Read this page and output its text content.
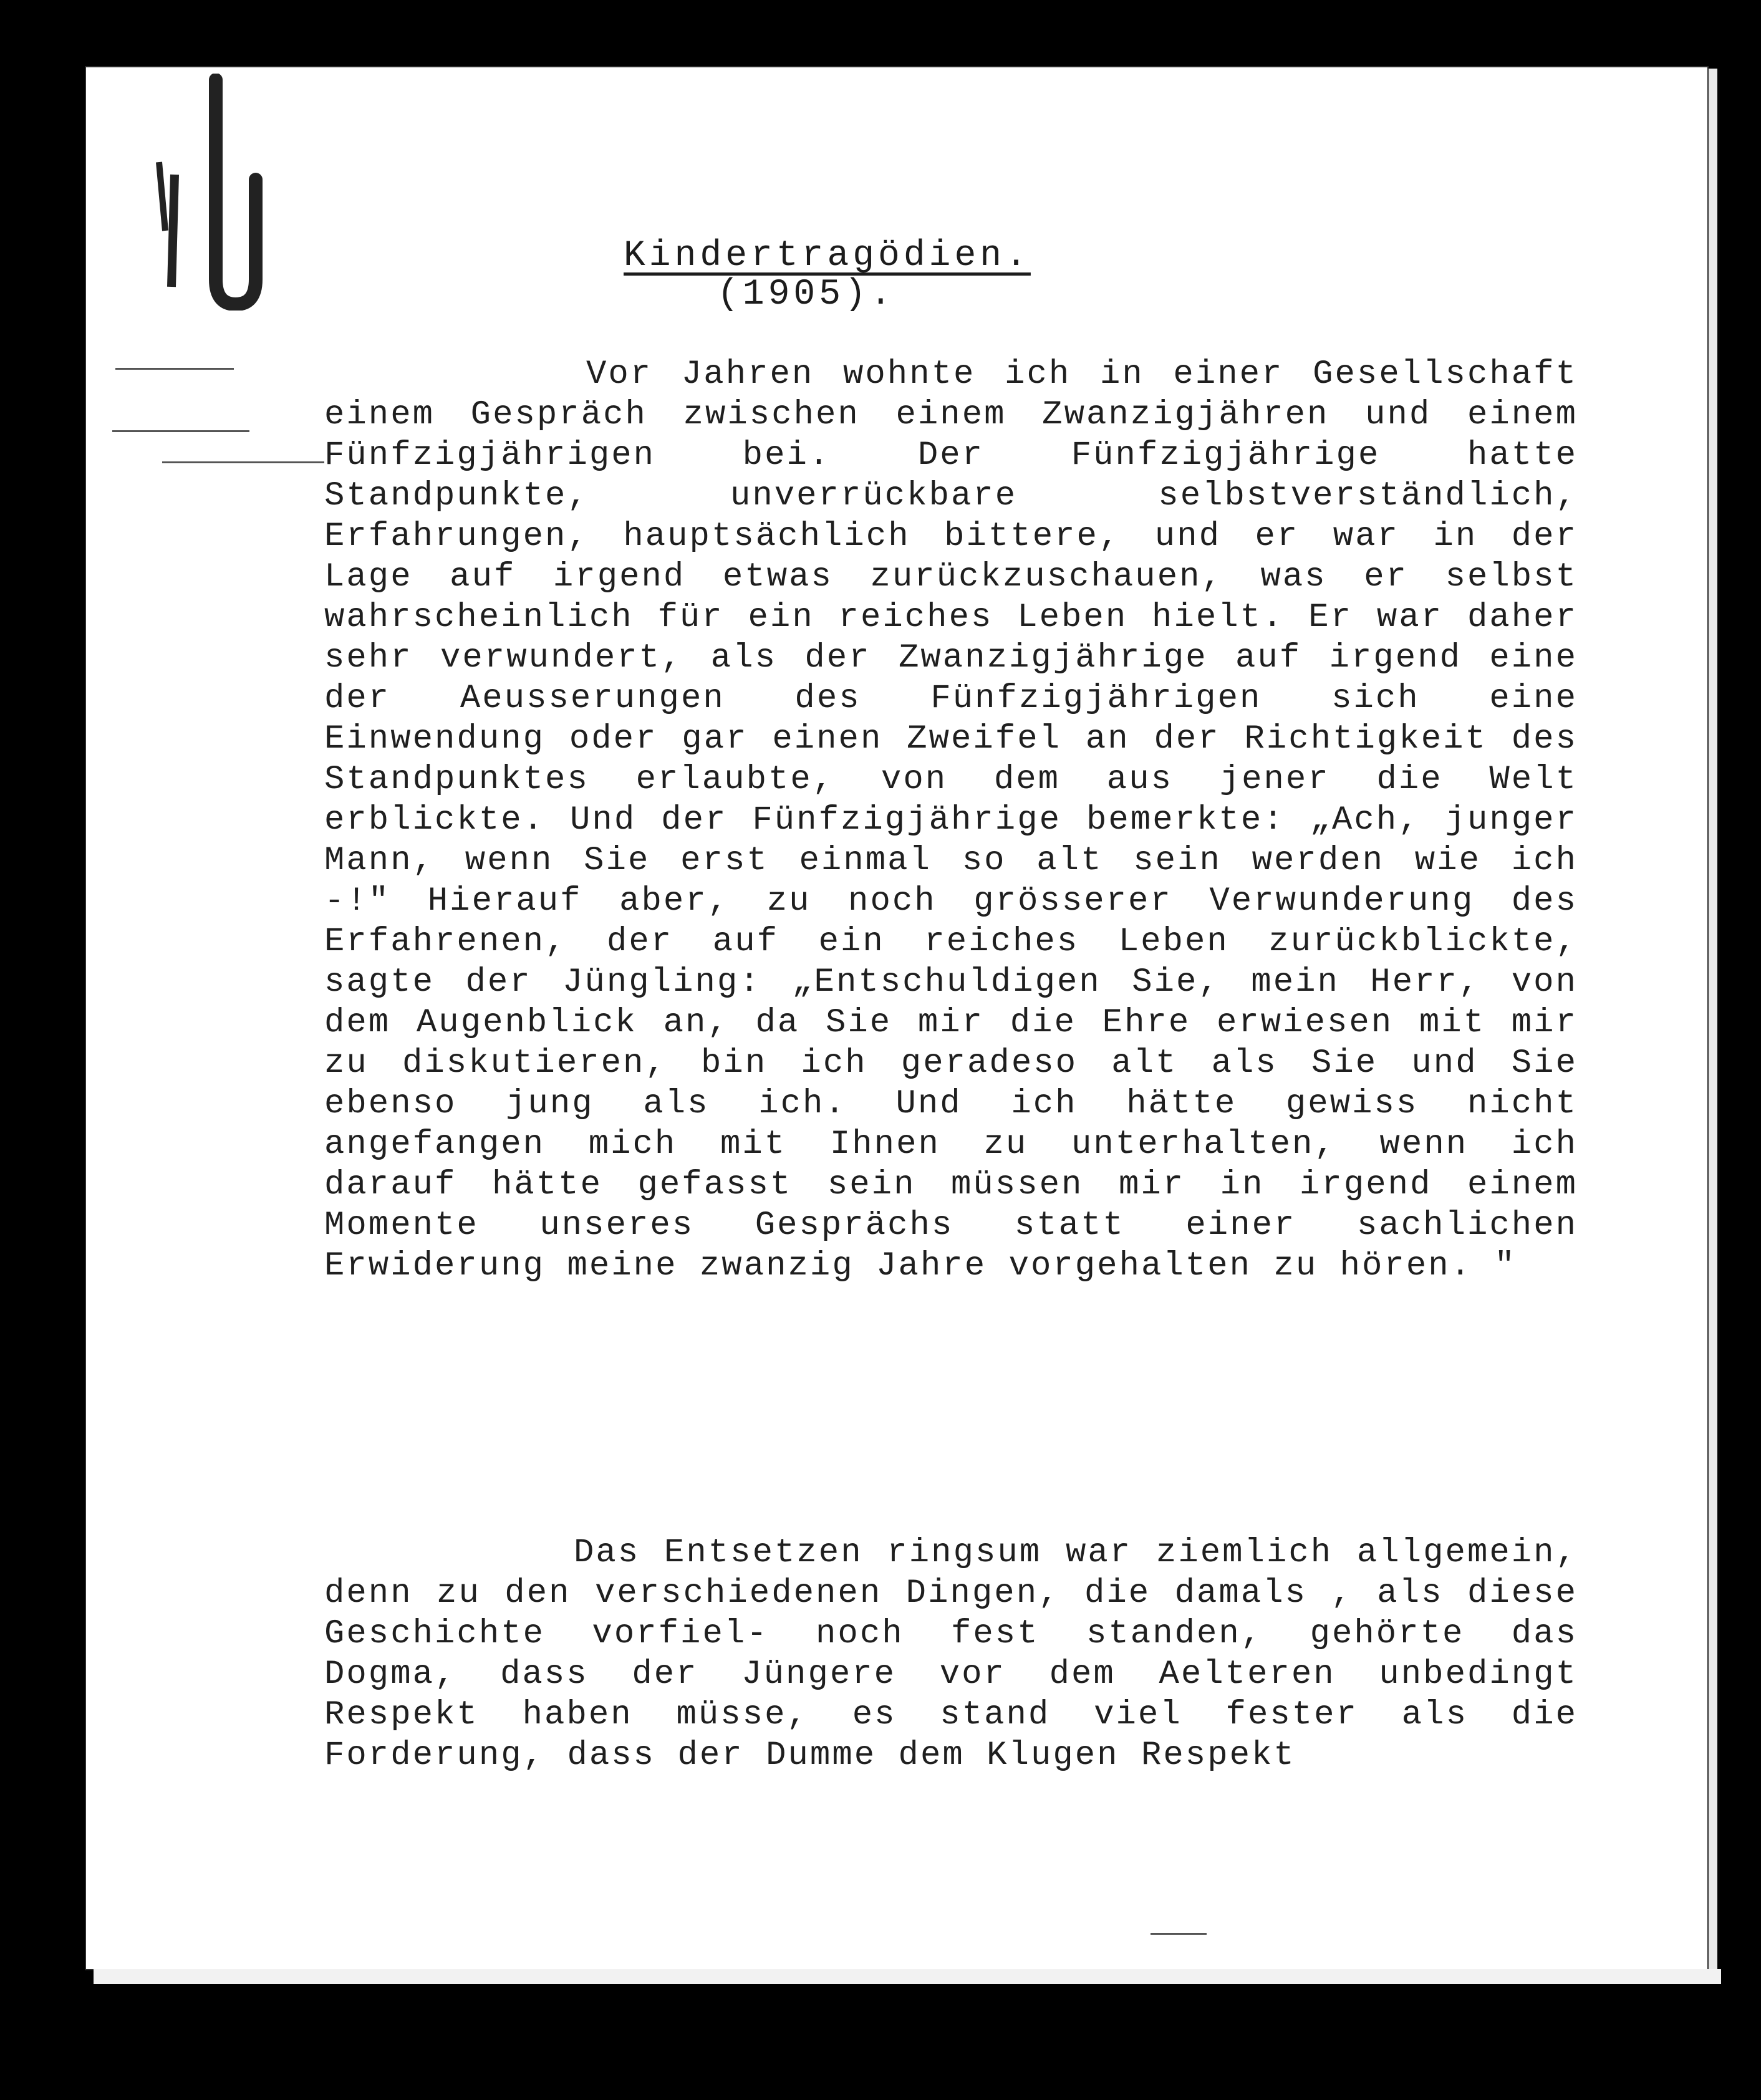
Kindertragödien.
(1905).
Vor Jahren wohnte ich in einer Gesellschaft einem Gespräch zwischen einem Zwanzigjähren und einem Fünfzigjährigen bei. Der Fünfzigjährige hatte Standpunkte, unverrückbare selbstverständlich, Erfahrungen, hauptsächlich bittere, und er war in der Lage auf irgend etwas zurückzuschauen, was er selbst wahrscheinlich für ein reiches Leben hielt. Er war daher sehr verwundert, als der Zwanzigjährige auf irgend eine der Aeusserungen des Fünfzigjährigen sich eine Einwendung oder gar einen Zweifel an der Richtigkeit des Standpunktes erlaubte, von dem aus jener die Welt erblickte. Und der Fünfzigjährige bemerkte: „Ach, junger Mann, wenn Sie erst einmal so alt sein werden wie ich -!" Hierauf aber, zu noch grösserer Verwunderung des Erfahrenen, der auf ein reiches Leben zurückblickte, sagte der Jüngling: „Entschuldigen Sie, mein Herr, von dem Augenblick an, da Sie mir die Ehre erwiesen mit mir zu diskutieren, bin ich geradeso alt als Sie und Sie ebenso jung als ich. Und ich hätte gewiss nicht angefangen mich mit Ihnen zu unterhalten, wenn ich darauf hätte gefasst sein müssen mir in irgend einem Momente unseres Gesprächs statt einer sachlichen Erwiderung meine zwanzig Jahre vorgehalten zu hören. "
Das Entsetzen ringsum war ziemlich allgemein, denn zu den verschiedenen Dingen, die damals , als diese Geschichte vorfiel- noch fest standen, gehörte das Dogma, dass der Jüngere vor dem Aelteren unbedingt Respekt haben müsse, es stand viel fester als die Forderung, dass der Dumme dem Klugen Respekt
